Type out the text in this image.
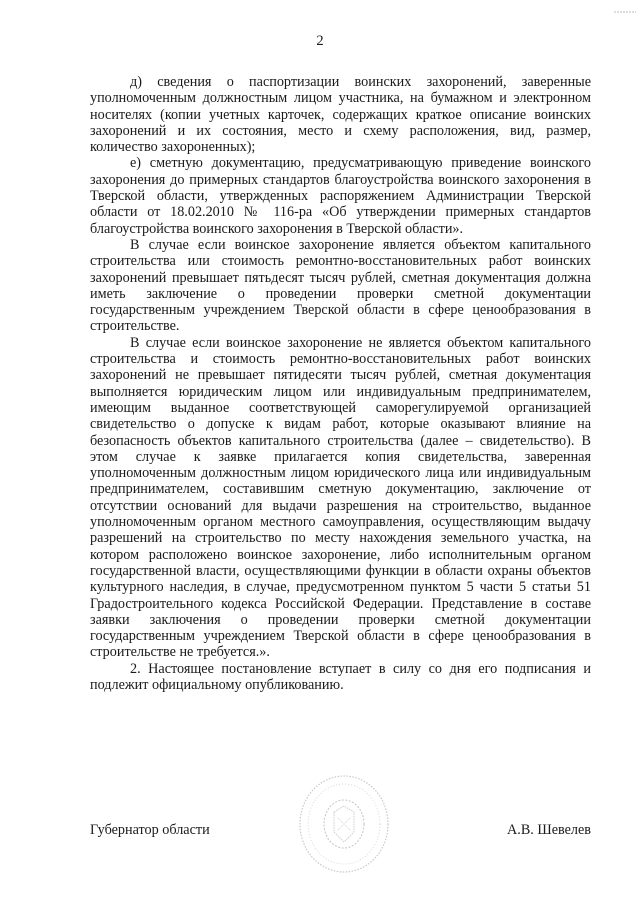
2

д) сведения о паспортизации воинских захоронений, заверенные уполномоченным должностным лицом участника, на бумажном и электронном носителях (копии учетных карточек, содержащих краткое описание воинских захоронений и их состояния, место и схему расположения, вид, размер, количество захороненных);

е) сметную документацию, предусматривающую приведение воинского захоронения до примерных стандартов благоустройства воинского захоронения в Тверской области, утвержденных распоряжением Администрации Тверской области от 18.02.2010 № 116-ра «Об утверждении примерных стандартов благоустройства воинского захоронения в Тверской области».

В случае если воинское захоронение является объектом капитального строительства или стоимость ремонтно-восстановительных работ воинских захоронений превышает пятьдесят тысяч рублей, сметная документация должна иметь заключение о проведении проверки сметной документации государственным учреждением Тверской области в сфере ценообразования в строительстве.

В случае если воинское захоронение не является объектом капитального строительства и стоимость ремонтно-восстановительных работ воинских захоронений не превышает пятидесяти тысяч рублей, сметная документация выполняется юридическим лицом или индивидуальным предпринимателем, имеющим выданное соответствующей саморегулируемой организацией свидетельство о допуске к видам работ, которые оказывают влияние на безопасность объектов капитального строительства (далее – свидетельство). В этом случае к заявке прилагается копия свидетельства, заверенная уполномоченным должностным лицом юридического лица или индивидуальным предпринимателем, составившим сметную документацию, заключение от отсутствии оснований для выдачи разрешения на строительство, выданное уполномоченным органом местного самоуправления, осуществляющим выдачу разрешений на строительство по месту нахождения земельного участка, на котором расположено воинское захоронение, либо исполнительным органом государственной власти, осуществляющими функции в области охраны объектов культурного наследия, в случае, предусмотренном пунктом 5 части 5 статьи 51 Градостроительного кодекса Российской Федерации. Представление в составе заявки заключения о проведении проверки сметной документации государственным учреждением Тверской области в сфере ценообразования в строительстве не требуется.».

2. Настоящее постановление вступает в силу со дня его подписания и подлежит официальному опубликованию.

Губернатор области	А.В. Шевелев
